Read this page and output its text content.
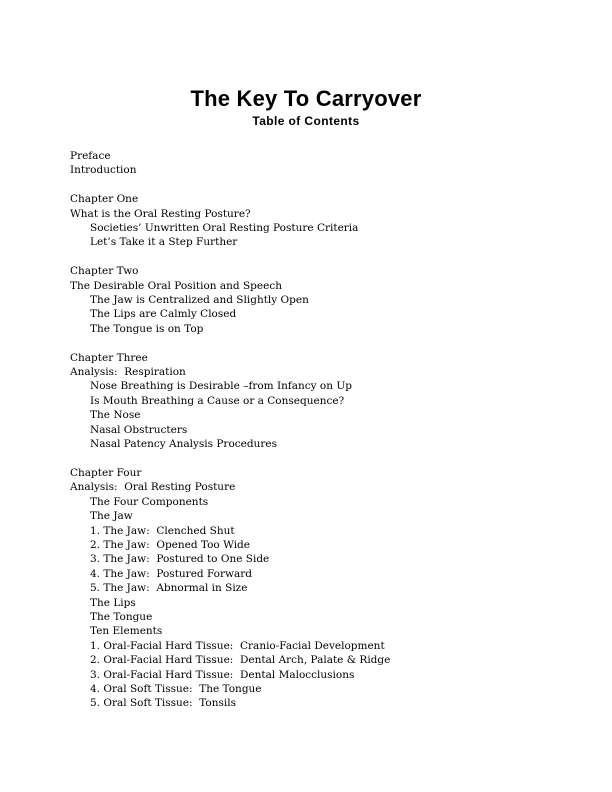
The Key To Carryover
Table of Contents
Preface
Introduction
Chapter One
What is the Oral Resting Posture?
Societies’ Unwritten Oral Resting Posture Criteria
Let’s Take it a Step Further
Chapter Two
The Desirable Oral Position and Speech
The Jaw is Centralized and Slightly Open
The Lips are Calmly Closed
The Tongue is on Top
Chapter Three
Analysis:  Respiration
Nose Breathing is Desirable –from Infancy on Up
Is Mouth Breathing a Cause or a Consequence?
The Nose
Nasal Obstructers
Nasal Patency Analysis Procedures
Chapter Four
Analysis:  Oral Resting Posture
The Four Components
The Jaw
1. The Jaw:  Clenched Shut
2. The Jaw:  Opened Too Wide
3. The Jaw:  Postured to One Side
4. The Jaw:  Postured Forward
5. The Jaw:  Abnormal in Size
The Lips
The Tongue
Ten Elements
1. Oral-Facial Hard Tissue:  Cranio-Facial Development
2. Oral-Facial Hard Tissue:  Dental Arch, Palate & Ridge
3. Oral-Facial Hard Tissue:  Dental Malocclusions
4. Oral Soft Tissue:  The Tongue
5. Oral Soft Tissue:  Tonsils
